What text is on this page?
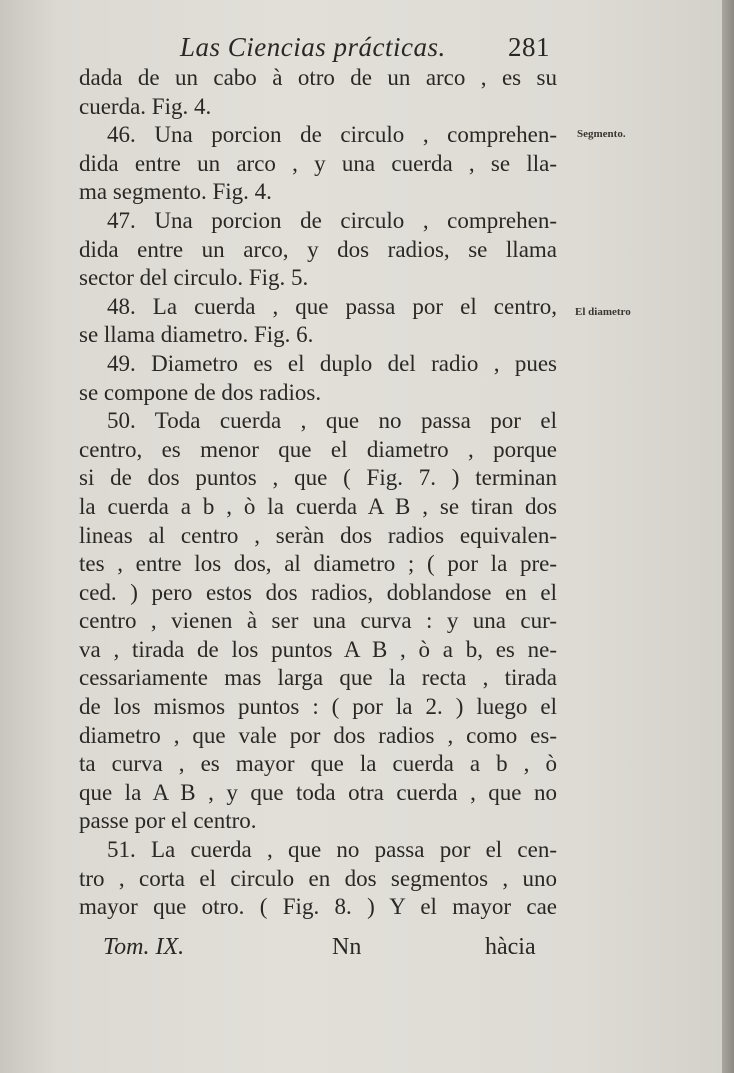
Las Ciencias prácticas. 281
dada de un cabo à otro de un arco , es su
cuerda. Fig. 4.
46. Una porcion de circulo , comprehen-
dida entre un arco , y una cuerda , se lla-
ma segmento. Fig. 4.
47. Una porcion de circulo , comprehen-
dida entre un arco, y dos radios, se llama
sector del circulo. Fig. 5.
48. La cuerda , que passa por el centro,
se llama diametro. Fig. 6.
49. Diametro es el duplo del radio , pues
se compone de dos radios.
50. Toda cuerda , que no passa por el
centro, es menor que el diametro , porque
si de dos puntos , que ( Fig. 7. ) terminan
la cuerda a b , ò la cuerda A B , se tiran dos
lineas al centro , seràn dos radios equivalen-
tes , entre los dos, al diametro ; ( por la pre-
ced. ) pero estos dos radios, doblandose en el
centro , vienen à ser una curva : y una cur-
va , tirada de los puntos A B , ò a b, es ne-
cessariamente mas larga que la recta , tirada
de los mismos puntos : ( por la 2. ) luego el
diametro , que vale por dos radios , como es-
ta curva , es mayor que la cuerda a b , ò
que la A B , y que toda otra cuerda , que no
passe por el centro.
51. La cuerda , que no passa por el cen-
tro , corta el circulo en dos segmentos , uno
mayor que otro. ( Fig. 8. ) Y el mayor cae
Segmento.
El diametro
Tom. IX.	Nn	hàcia
